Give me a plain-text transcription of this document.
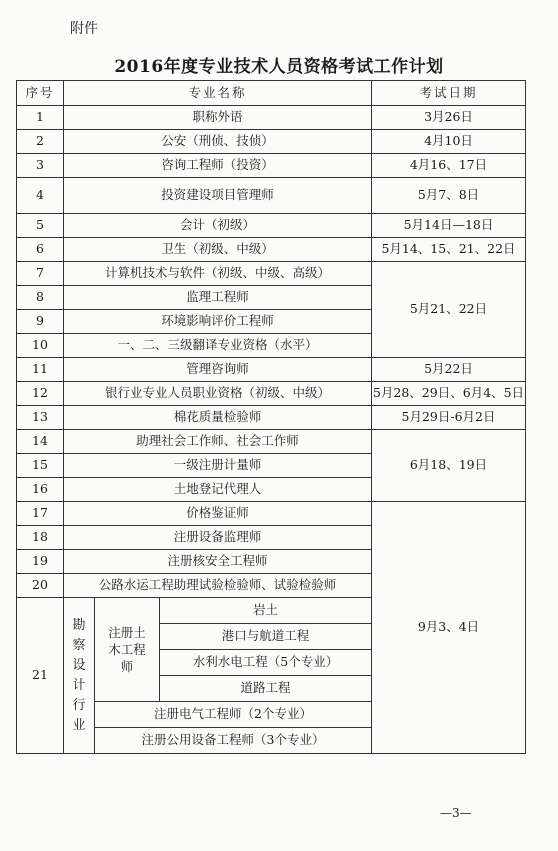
附件
2016年度专业技术人员资格考试工作计划
序号	专业名称			考试日期
1	职称外语			3月26日
2	公安（刑侦、技侦）			4月10日
3	咨询工程师（投资）			4月16、17日
4	投资建设项目管理师			5月7、8日
5	会计（初级）			5月14日—18日
6	卫生（初级、中级）			5月14、15、21、22日
7	计算机技术与软件（初级、中级、高级）			5月21、22日
8	监理工程师			
9	环境影响评价工程师			
10	一、二、三级翻译专业资格（水平）			
11	管理咨询师			5月22日
12	银行业专业人员职业资格（初级、中级）			5月28、29日、6月4、5日
13	棉花质量检验师			5月29日-6月2日
14	助理社会工作师、社会工作师			6月18、19日
15	一级注册计量师			
16	土地登记代理人			
17	价格鉴证师			9月3、4日
18	注册设备监理师			
19	注册核安全工程师			
20	公路水运工程助理试验检验师、试验检验师			
21	勘察设计行业	注册土木工程师	岩土	
			港口与航道工程	
			水利水电工程（5个专业）	
			道路工程	
		注册电气工程师（2个专业）		
		注册公用设备工程师（3个专业）		
—3—
